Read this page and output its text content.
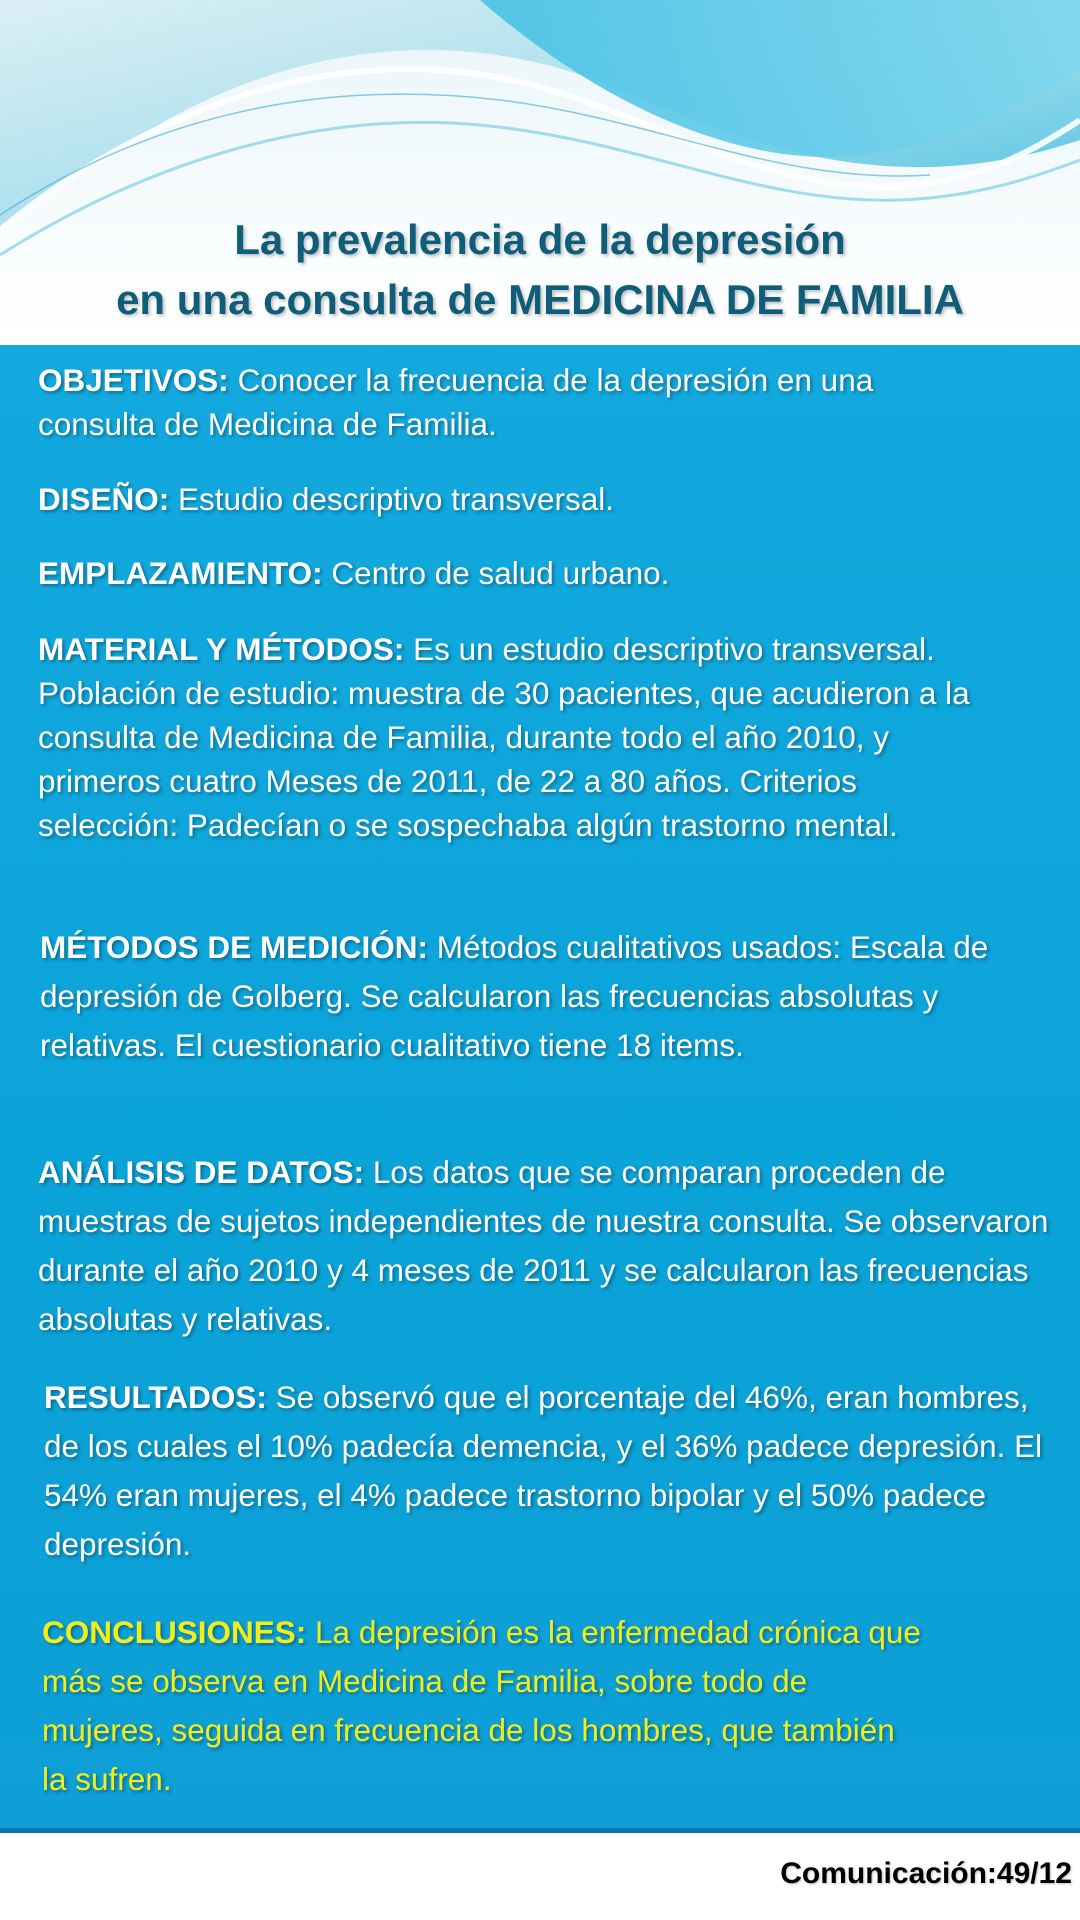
La prevalencia de la depresión
en una consulta de MEDICINA DE FAMILIA

OBJETIVOS: Conocer la frecuencia de la depresión en una consulta de Medicina de Familia.

DISEÑO: Estudio descriptivo transversal.

EMPLAZAMIENTO: Centro de salud urbano.

MATERIAL Y MÉTODOS: Es un estudio descriptivo transversal. Población de estudio: muestra de 30 pacientes, que acudieron a la consulta de Medicina de Familia, durante todo el año 2010, y primeros cuatro Meses de 2011, de 22 a 80 años. Criterios selección: Padecían o se sospechaba algún trastorno mental.

MÉTODOS DE MEDICIÓN: Métodos cualitativos usados: Escala de depresión de Golberg. Se calcularon las frecuencias absolutas y relativas. El cuestionario cualitativo tiene 18 items.

ANÁLISIS DE DATOS: Los datos que se comparan proceden de muestras de sujetos independientes de nuestra consulta. Se observaron durante el año 2010 y 4 meses de 2011 y se calcularon las frecuencias absolutas y relativas.

RESULTADOS: Se observó que el porcentaje del 46%, eran hombres, de los cuales el 10% padecía demencia, y el 36% padece depresión. El 54% eran mujeres, el 4% padece trastorno bipolar y el 50% padece depresión.

CONCLUSIONES: La depresión es la enfermedad crónica que más se observa en Medicina de Familia, sobre todo de mujeres, seguida en frecuencia de los hombres, que también la sufren.

Comunicación:49/12
